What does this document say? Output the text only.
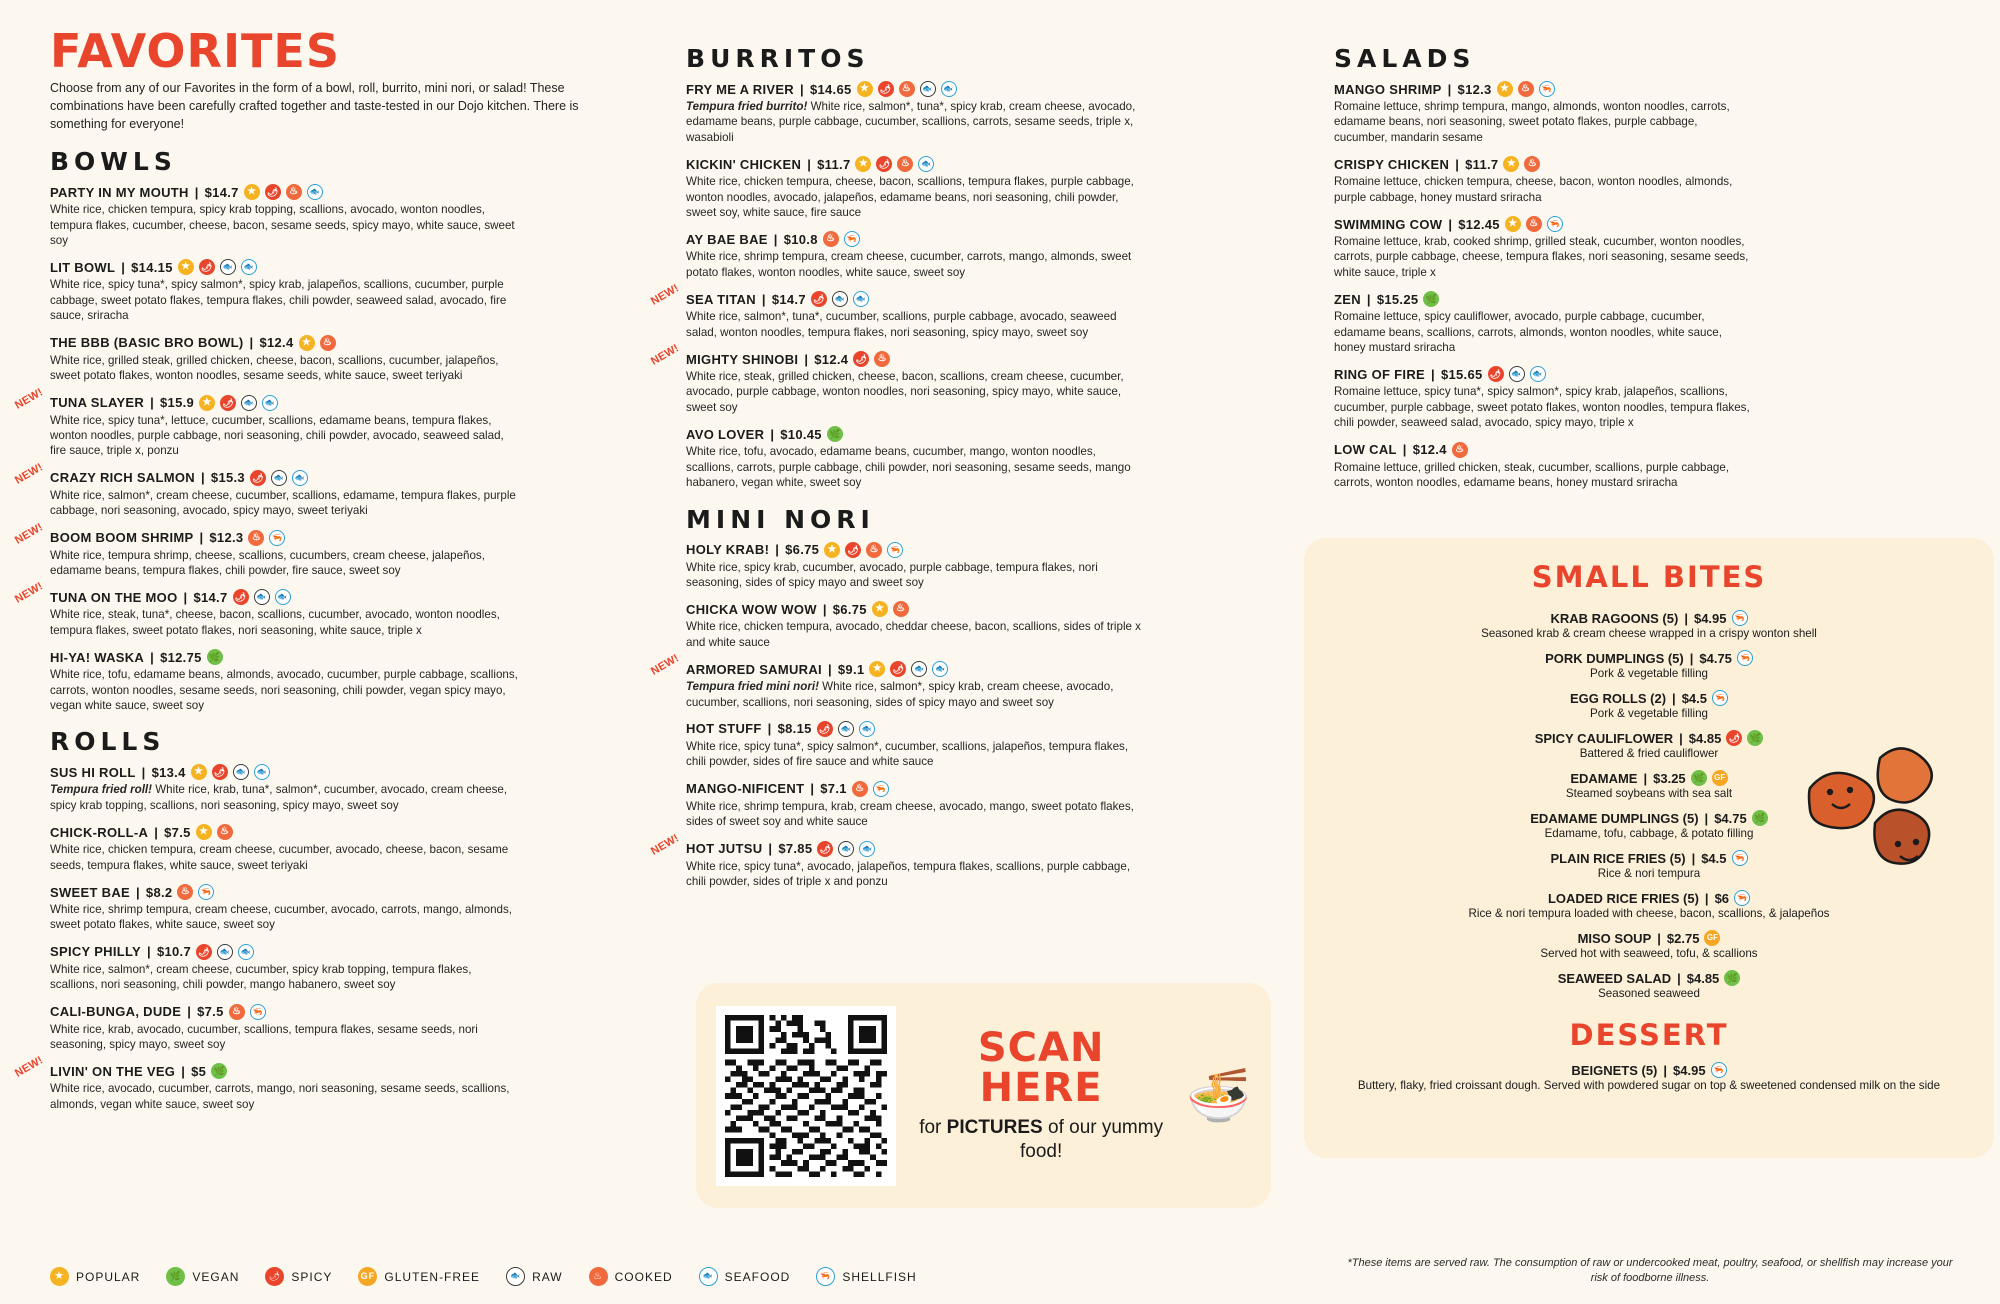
FAVORITES
Choose from any of our Favorites in the form of a bowl, roll, burrito, mini nori, or salad! These combinations have been carefully crafted together and taste-tested in our Dojo kitchen. There is something for everyone!
BOWLS
PARTY IN MY MOUTH | $14.7
★
🌶
♨
🐟
White rice, chicken tempura, spicy krab topping, scallions, avocado, wonton noodles, tempura flakes, cucumber, cheese, bacon, sesame seeds, spicy mayo, white sauce, sweet soy
LIT BOWL | $14.15
★
🌶
🐟
🐟
White rice, spicy tuna*, spicy salmon*, spicy krab, jalapeños, scallions, cucumber, purple cabbage, sweet potato flakes, tempura flakes, chili powder, seaweed salad, avocado, fire sauce, sriracha
THE BBB (BASIC BRO BOWL) | $12.4
★
♨
White rice, grilled steak, grilled chicken, cheese, bacon, scallions, cucumber, jalapeños, sweet potato flakes, wonton noodles, sesame seeds, white sauce, sweet teriyaki
NEW! TUNA SLAYER | $15.9
★
🌶
🐟
🐟
White rice, spicy tuna*, lettuce, cucumber, scallions, edamame beans, tempura flakes, wonton noodles, purple cabbage, nori seasoning, chili powder, avocado, seaweed salad, fire sauce, triple x, ponzu
NEW! CRAZY RICH SALMON | $15.3
🌶
🐟
🐟
White rice, salmon*, cream cheese, cucumber, scallions, edamame, tempura flakes, purple cabbage, nori seasoning, avocado, spicy mayo, sweet teriyaki
NEW! BOOM BOOM SHRIMP | $12.3
♨
🦐
White rice, tempura shrimp, cheese, scallions, cucumbers, cream cheese, jalapeños, edamame beans, tempura flakes, chili powder, fire sauce, sweet soy
NEW! TUNA ON THE MOO | $14.7
🌶
🐟
🐟
White rice, steak, tuna*, cheese, bacon, scallions, cucumber, avocado, wonton noodles, tempura flakes, sweet potato flakes, nori seasoning, white sauce, triple x
HI-YA! WASKA | $12.75
🌿
White rice, tofu, edamame beans, almonds, avocado, cucumber, purple cabbage, scallions, carrots, wonton noodles, sesame seeds, nori seasoning, chili powder, vegan spicy mayo, vegan white sauce, sweet soy
ROLLS
SUS HI ROLL | $13.4
★
🌶
🐟
🐟
Tempura fried roll! White rice, krab, tuna*, salmon*, cucumber, avocado, cream cheese, spicy krab topping, scallions, nori seasoning, spicy mayo, sweet soy
CHICK-ROLL-A | $7.5
★
♨
White rice, chicken tempura, cream cheese, cucumber, avocado, cheese, bacon, sesame seeds, tempura flakes, white sauce, sweet teriyaki
SWEET BAE | $8.2
♨
🦐
White rice, shrimp tempura, cream cheese, cucumber, avocado, carrots, mango, almonds, sweet potato flakes, white sauce, sweet soy
SPICY PHILLY | $10.7
🌶
🐟
🐟
White rice, salmon*, cream cheese, cucumber, spicy krab topping, tempura flakes, scallions, nori seasoning, chili powder, mango habanero, sweet soy
CALI-BUNGA, DUDE | $7.5
♨
🦐
White rice, krab, avocado, cucumber, scallions, tempura flakes, sesame seeds, nori seasoning, spicy mayo, sweet soy
NEW! LIVIN' ON THE VEG | $5
🌿
White rice, avocado, cucumber, carrots, mango, nori seasoning, sesame seeds, scallions, almonds, vegan white sauce, sweet soy
BURRITOS
FRY ME A RIVER | $14.65
★
🌶
♨
🐟
🐟
Tempura fried burrito! White rice, salmon*, tuna*, spicy krab, cream cheese, avocado, edamame beans, purple cabbage, cucumber, scallions, carrots, sesame seeds, triple x, wasabioli
KICKIN' CHICKEN | $11.7
★
🌶
♨
🐟
White rice, chicken tempura, cheese, bacon, scallions, tempura flakes, purple cabbage, wonton noodles, avocado, jalapeños, edamame beans, nori seasoning, chili powder, sweet soy, white sauce, fire sauce
AY BAE BAE | $10.8
♨
🦐
White rice, shrimp tempura, cream cheese, cucumber, carrots, mango, almonds, sweet potato flakes, wonton noodles, white sauce, sweet soy
NEW! SEA TITAN | $14.7
🌶
🐟
🐟
White rice, salmon*, tuna*, cucumber, scallions, purple cabbage, avocado, seaweed salad, wonton noodles, tempura flakes, nori seasoning, spicy mayo, sweet soy
NEW! MIGHTY SHINOBI | $12.4
🌶
♨
White rice, steak, grilled chicken, cheese, bacon, scallions, cream cheese, cucumber, avocado, purple cabbage, wonton noodles, nori seasoning, spicy mayo, white sauce, sweet soy
AVO LOVER | $10.45
🌿
White rice, tofu, avocado, edamame beans, cucumber, mango, wonton noodles, scallions, carrots, purple cabbage, chili powder, nori seasoning, sesame seeds, mango habanero, vegan white, sweet soy
MINI NORI
HOLY KRAB! | $6.75
★
🌶
♨
🦐
White rice, spicy krab, cucumber, avocado, purple cabbage, tempura flakes, nori seasoning, sides of spicy mayo and sweet soy
CHICKA WOW WOW | $6.75
★
♨
White rice, chicken tempura, avocado, cheddar cheese, bacon, scallions, sides of triple x and white sauce
NEW! ARMORED SAMURAI | $9.1
★
🌶
🐟
🐟
Tempura fried mini nori! White rice, salmon*, spicy krab, cream cheese, avocado, cucumber, scallions, nori seasoning, sides of spicy mayo and sweet soy
HOT STUFF | $8.15
🌶
🐟
🐟
White rice, spicy tuna*, spicy salmon*, cucumber, scallions, jalapeños, tempura flakes, chili powder, sides of fire sauce and white sauce
MANGO-NIFICENT | $7.1
♨
🦐
White rice, shrimp tempura, krab, cream cheese, avocado, mango, sweet potato flakes, sides of sweet soy and white sauce
NEW! HOT JUTSU | $7.85
🌶
🐟
🐟
White rice, spicy tuna*, avocado, jalapeños, tempura flakes, scallions, purple cabbage, chili powder, sides of triple x and ponzu
SCAN HERE
for PICTURES of our yummy food!
🍜
SALADS
MANGO SHRIMP | $12.3
★
♨
🦐
Romaine lettuce, shrimp tempura, mango, almonds, wonton noodles, carrots, edamame beans, nori seasoning, sweet potato flakes, purple cabbage, cucumber, mandarin sesame
CRISPY CHICKEN | $11.7
★
♨
Romaine lettuce, chicken tempura, cheese, bacon, wonton noodles, almonds, purple cabbage, honey mustard sriracha
SWIMMING COW | $12.45
★
♨
🦐
Romaine lettuce, krab, cooked shrimp, grilled steak, cucumber, wonton noodles, carrots, purple cabbage, cheese, tempura flakes, nori seasoning, sesame seeds, white sauce, triple x
ZEN | $15.25
🌿
Romaine lettuce, spicy cauliflower, avocado, purple cabbage, cucumber, edamame beans, scallions, carrots, almonds, wonton noodles, white sauce, honey mustard sriracha
RING OF FIRE | $15.65
🌶
🐟
🐟
Romaine lettuce, spicy tuna*, spicy salmon*, spicy krab, jalapeños, scallions, cucumber, purple cabbage, sweet potato flakes, wonton noodles, tempura flakes, chili powder, seaweed salad, avocado, spicy mayo, triple x
LOW CAL | $12.4
♨
Romaine lettuce, grilled chicken, steak, cucumber, scallions, purple cabbage, carrots, wonton noodles, edamame beans, honey mustard sriracha
SMALL BITES
KRAB RAGOONS (5) | $4.95
🦐
Seasoned krab & cream cheese wrapped in a crispy wonton shell
PORK DUMPLINGS (5) | $4.75
🦐
Pork & vegetable filling
EGG ROLLS (2) | $4.5
🦐
Pork & vegetable filling
SPICY CAULIFLOWER | $4.85
🌶
🌿
Battered & fried cauliflower
EDAMAME | $3.25
🌿
GF
Steamed soybeans with sea salt
EDAMAME DUMPLINGS (5) | $4.75
🌿
Edamame, tofu, cabbage, & potato filling
PLAIN RICE FRIES (5) | $4.5
🦐
Rice & nori tempura
LOADED RICE FRIES (5) | $6
🦐
Rice & nori tempura loaded with cheese, bacon, scallions, & jalapeños
MISO SOUP | $2.75
GF
Served hot with seaweed, tofu, & scallions
SEAWEED SALAD | $4.85
🌿
Seasoned seaweed
DESSERT
BEIGNETS (5) | $4.95
🦐
Buttery, flaky, fried croissant dough. Served with powdered sugar on top & sweetened condensed milk on the side
★
POPULAR 🌿	VEGAN 🌶	SPICY GF	GLUTEN-FREE 🐟	RAW ♨	COOKED 🐟	SEAFOOD 🦐	SHELLFISH
*These items are served raw. The consumption of raw or undercooked meat, poultry, seafood, or shellfish may increase your risk of foodborne illness.
